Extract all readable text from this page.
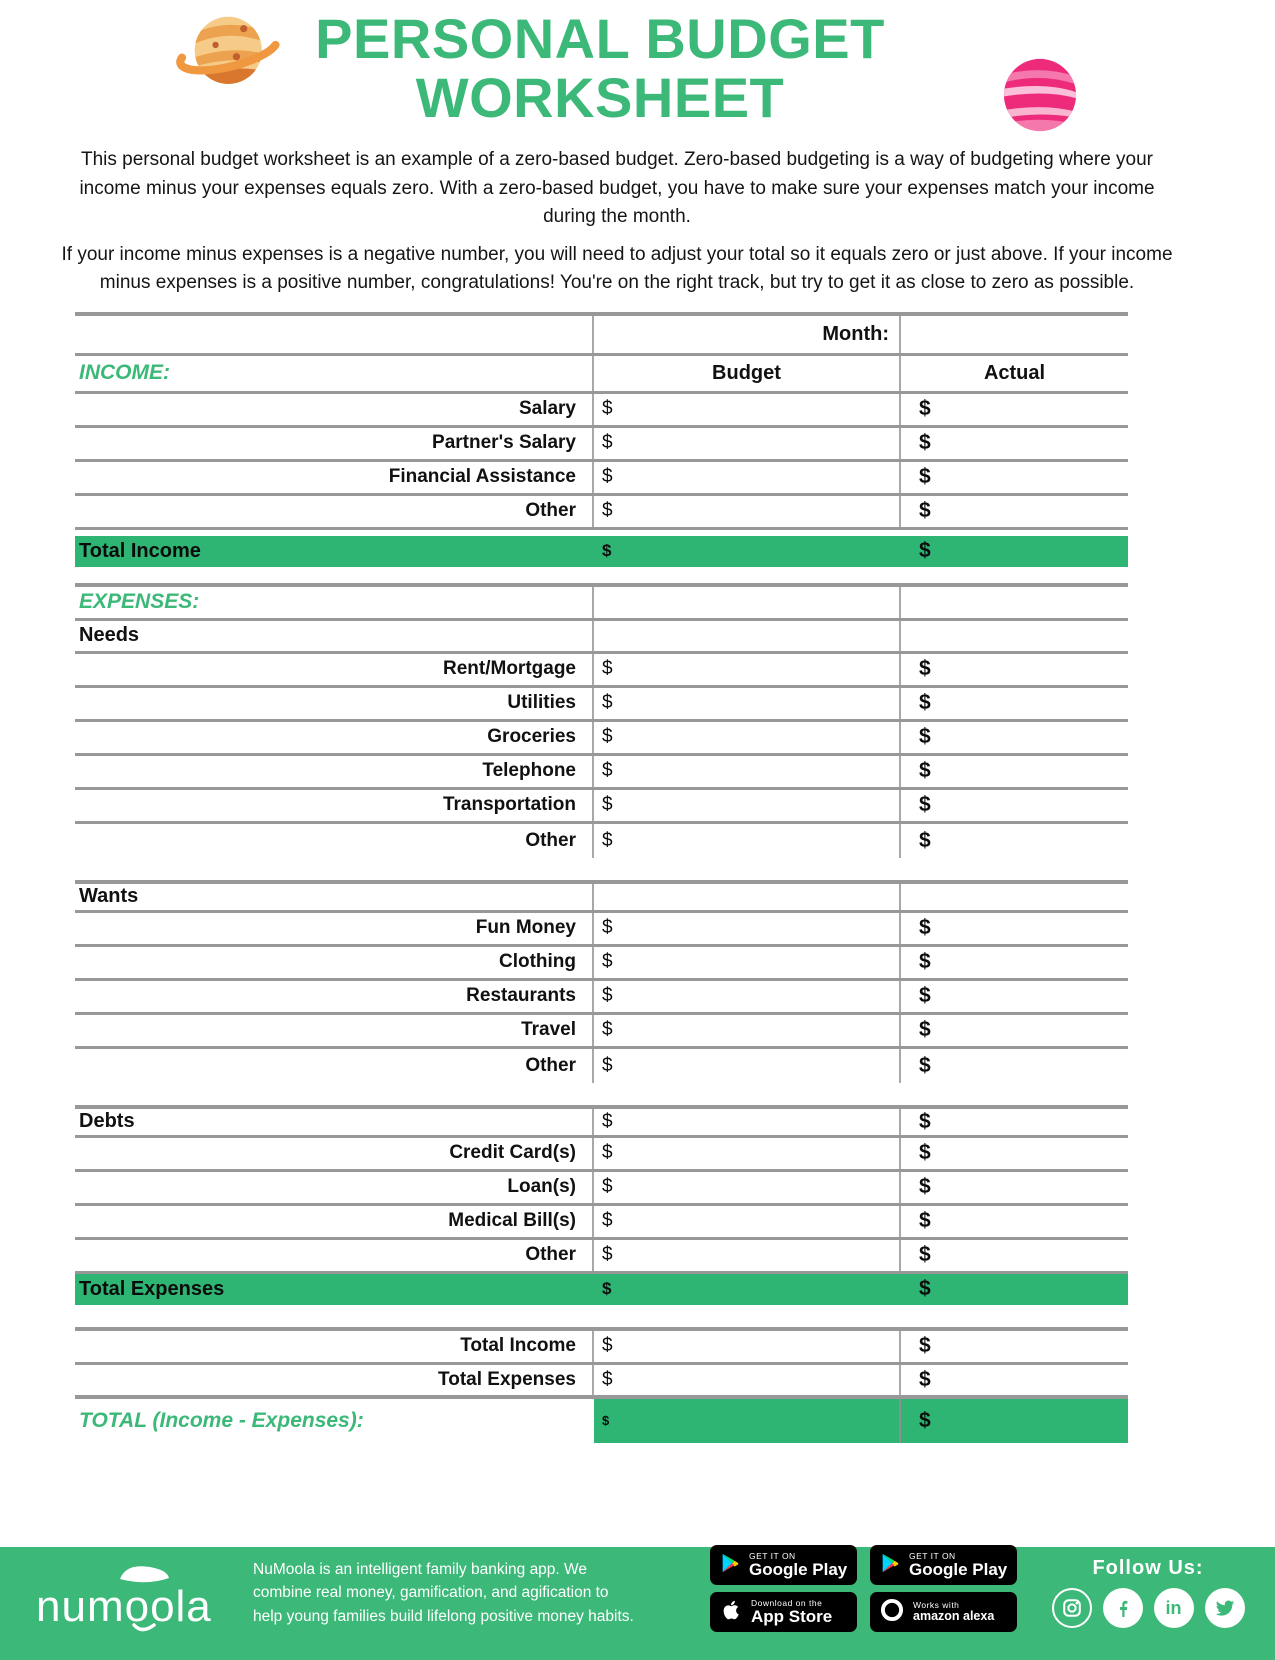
PERSONAL BUDGET
WORKSHEET

This personal budget worksheet is an example of a zero-based budget. Zero-based budgeting is a way of budgeting where your income minus your expenses equals zero. With a zero-based budget, you have to make sure your expenses match your income during the month.

If your income minus expenses is a negative number, you will need to adjust your total so it equals zero or just above. If your income minus expenses is a positive number, congratulations! You're on the right track, but try to get it as close to zero as possible.

Month:
INCOME:	Budget	Actual
Salary	$	$
Partner's Salary	$	$
Financial Assistance	$	$
Other	$	$
Total Income	$	$
EXPENSES:
Needs
Rent/Mortgage	$	$
Utilities	$	$
Groceries	$	$
Telephone	$	$
Transportation	$	$
Other	$	$
Wants
Fun Money	$	$
Clothing	$	$
Restaurants	$	$
Travel	$	$
Other	$	$
Debts	$	$
Credit Card(s)	$	$
Loan(s)	$	$
Medical Bill(s)	$	$
Other	$	$
Total Expenses	$	$
Total Income	$	$
Total Expenses	$	$
TOTAL (Income - Expenses):	$	$
numoola
NuMoola is an intelligent family banking app. We combine real money, gamification, and agification to help young families build lifelong positive money habits.
GET IT ON
Google Play
GET IT ON
Google Play
Download on the
App Store
Works with
amazon alexa
Follow Us:
in
